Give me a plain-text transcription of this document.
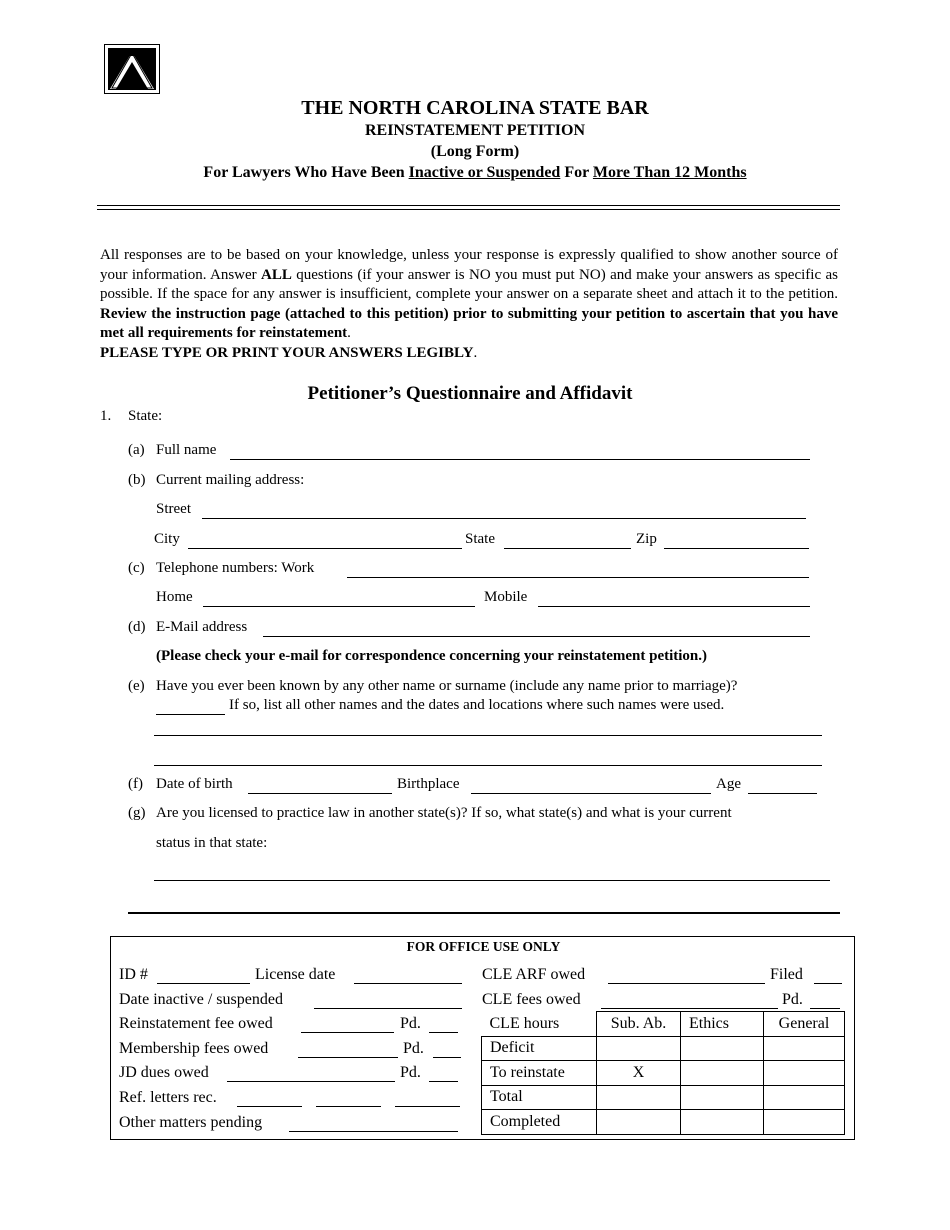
THE NORTH CAROLINA STATE BAR
REINSTATEMENT PETITION
(Long Form)
For Lawyers Who Have Been Inactive or Suspended For More Than 12 Months
All responses are to be based on your knowledge, unless your response is expressly qualified to show another source of your information. Answer ALL questions (if your answer is NO you must put NO) and make your answers as specific as possible. If the space for any answer is insufficient, complete your answer on a separate sheet and attach it to the petition. Review the instruction page (attached to this petition) prior to submitting your petition to ascertain that you have met all requirements for reinstatement.
PLEASE TYPE OR PRINT YOUR ANSWERS LEGIBLY.
Petitioner’s Questionnaire and Affidavit
1. State:
(a) Full name
(b) Current mailing address:
Street
City	State	Zip
(c) Telephone numbers: Work
Home	Mobile
(d) E-Mail address
(Please check your e-mail for correspondence concerning your reinstatement petition.)
(e) Have you ever been known by any other name or surname (include any name prior to marriage)?
If so, list all other names and the dates and locations where such names were used.
(f) Date of birth	Birthplace	Age
(g) Are you licensed to practice law in another state(s)? If so, what state(s) and what is your current
status in that state:
FOR OFFICE USE ONLY
ID #	License date
Date inactive / suspended
Reinstatement fee owed	Pd.
Membership fees owed	Pd.
JD dues owed	Pd.
Ref. letters rec.
Other matters pending
CLE ARF owed	Filed
CLE fees owed	Pd.
CLE hours	Sub. Ab.	Ethics	General
Deficit			
To reinstate	X		
Total			
Completed			
